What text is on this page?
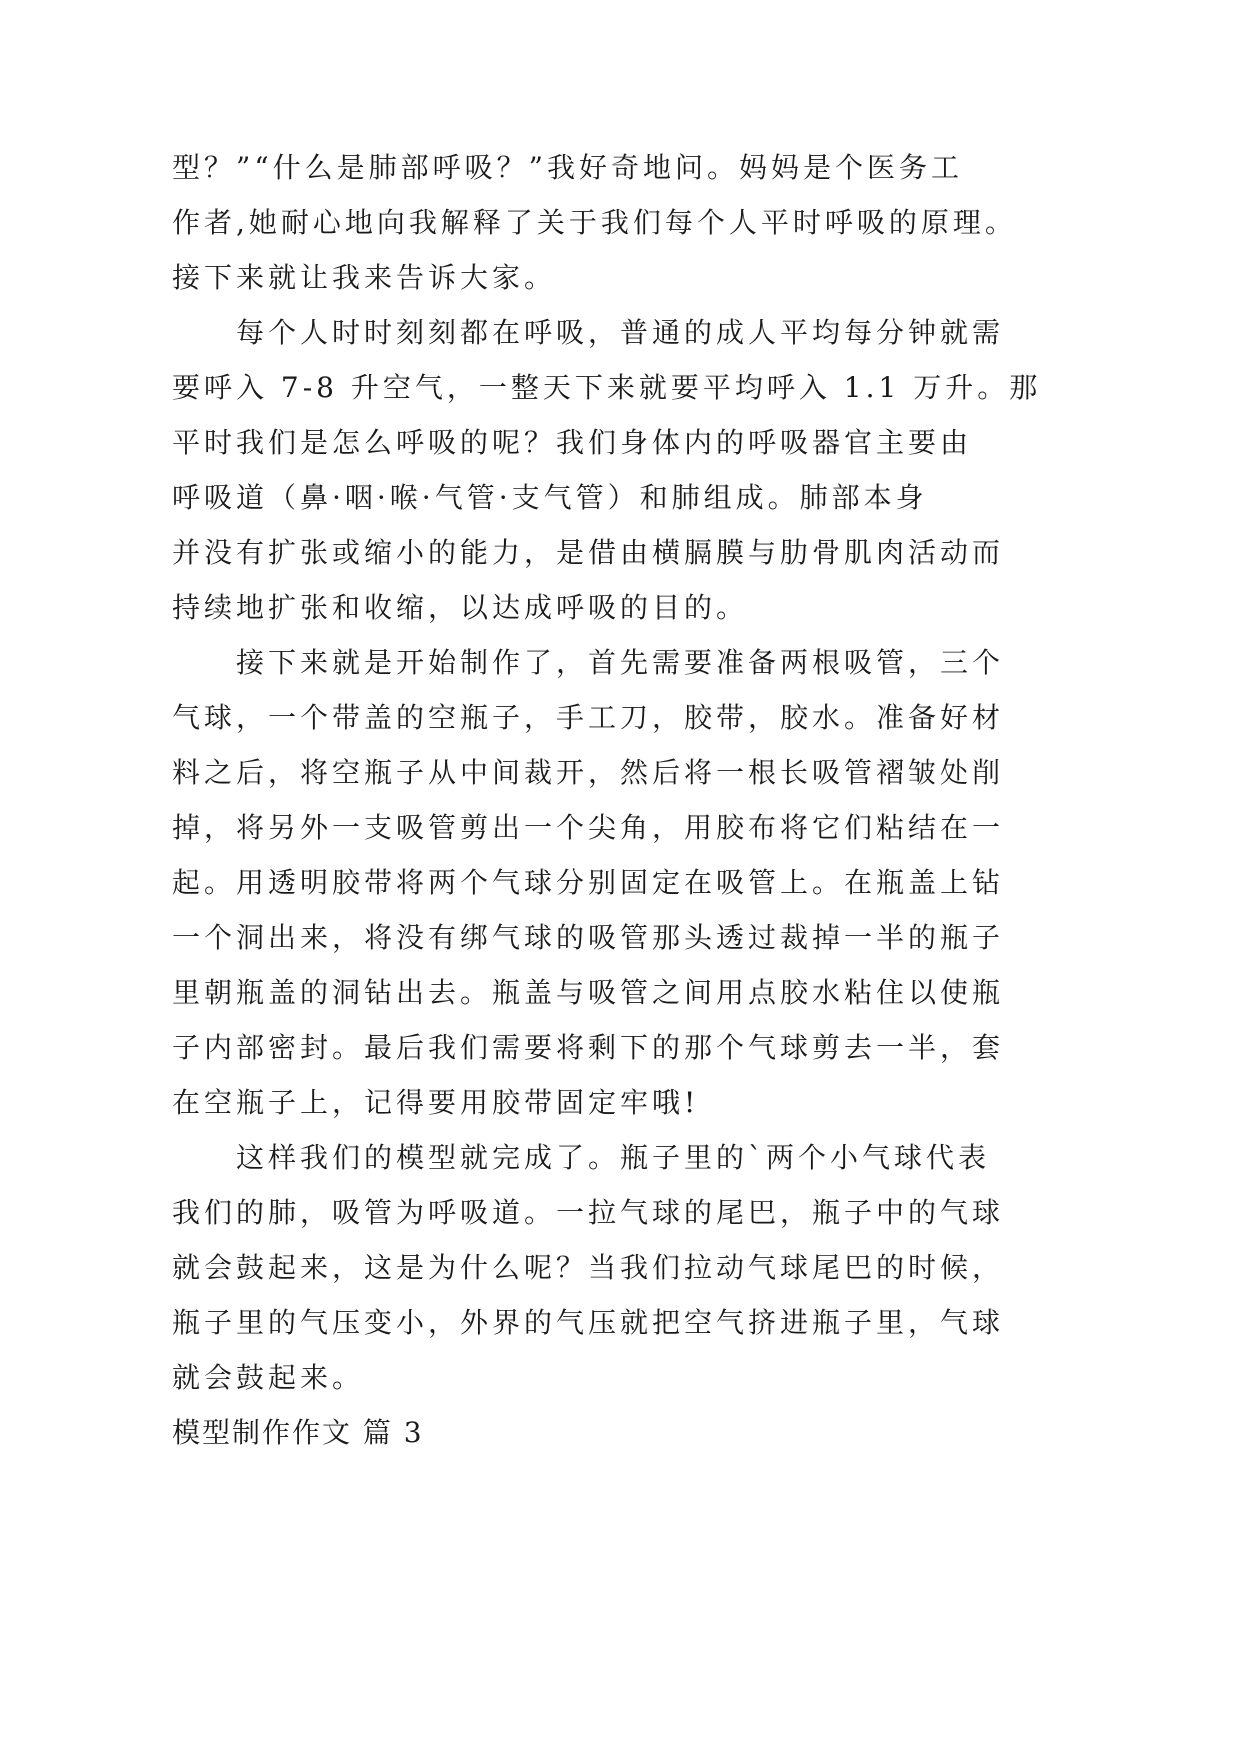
型？”“什么是肺部呼吸？”我好奇地问。妈妈是个医务工
作者,她耐心地向我解释了关于我们每个人平时呼吸的原理。
接下来就让我来告诉大家。
每个人时时刻刻都在呼吸，普通的成人平均每分钟就需
要呼入 7-8 升空气，一整天下来就要平均呼入 1.1 万升。那
平时我们是怎么呼吸的呢？我们身体内的呼吸器官主要由
呼吸道（鼻·咽·喉·气管·支气管）和肺组成。肺部本身
并没有扩张或缩小的能力，是借由横膈膜与肋骨肌肉活动而
持续地扩张和收缩，以达成呼吸的目的。
接下来就是开始制作了，首先需要准备两根吸管，三个
气球，一个带盖的空瓶子，手工刀，胶带，胶水。准备好材
料之后，将空瓶子从中间裁开，然后将一根长吸管褶皱处削
掉，将另外一支吸管剪出一个尖角，用胶布将它们粘结在一
起。用透明胶带将两个气球分别固定在吸管上。在瓶盖上钻
一个洞出来，将没有绑气球的吸管那头透过裁掉一半的瓶子
里朝瓶盖的洞钻出去。瓶盖与吸管之间用点胶水粘住以使瓶
子内部密封。最后我们需要将剩下的那个气球剪去一半，套
在空瓶子上，记得要用胶带固定牢哦!
这样我们的模型就完成了。瓶子里的`两个小气球代表
我们的肺，吸管为呼吸道。一拉气球的尾巴，瓶子中的气球
就会鼓起来，这是为什么呢？当我们拉动气球尾巴的时候，
瓶子里的气压变小，外界的气压就把空气挤进瓶子里，气球
就会鼓起来。
模型制作作文 篇 3
